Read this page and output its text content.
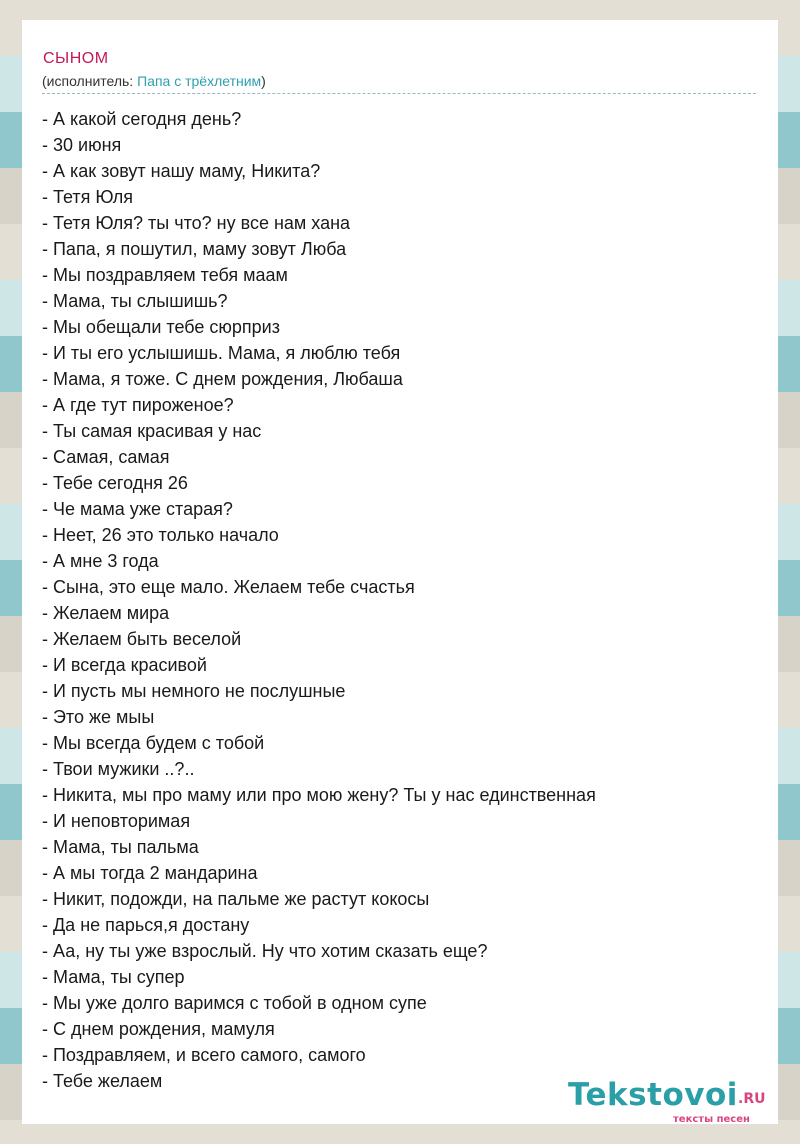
СЫНОМ
(исполнитель: Папа с трёхлетним)
- А какой сегодня день?
- 30 июня
- А как зовут нашу маму, Никита?
- Тетя Юля
- Тетя Юля? ты что? ну все нам хана
- Папа, я пошутил, маму зовут Люба
- Мы поздравляем тебя маам
- Мама, ты слышишь?
- Мы обещали тебе сюрприз
- И ты его услышишь. Мама, я люблю тебя
- Мама, я тоже. С днем рождения, Любаша
- А где тут пироженое?
- Ты самая красивая у нас
- Самая, самая
- Тебе сегодня 26
- Че мама уже старая?
- Неет, 26 это только начало
- А мне 3 года
- Сына, это еще мало. Желаем тебе счастья
- Желаем мира
- Желаем быть веселой
- И всегда красивой
- И пусть мы немного не послушные
- Это же мыы
- Мы всегда будем с тобой
- Твои мужики ..?..
- Никита, мы про маму или про мою жену? Ты у нас единственная
- И неповторимая
- Мама, ты пальма
- А мы тогда 2 мандарина
- Никит, подожди, на пальме же растут кокосы
- Да не парься,я достану
- Аа, ну ты уже взрослый. Ну что хотим сказать еще?
- Мама, ты супер
- Мы уже долго варимся с тобой в одном супе
- С днем рождения, мамуля
- Поздравляем, и всего самого, самого
- Тебе желаем	Tekstovoi .RU
тексты песен
